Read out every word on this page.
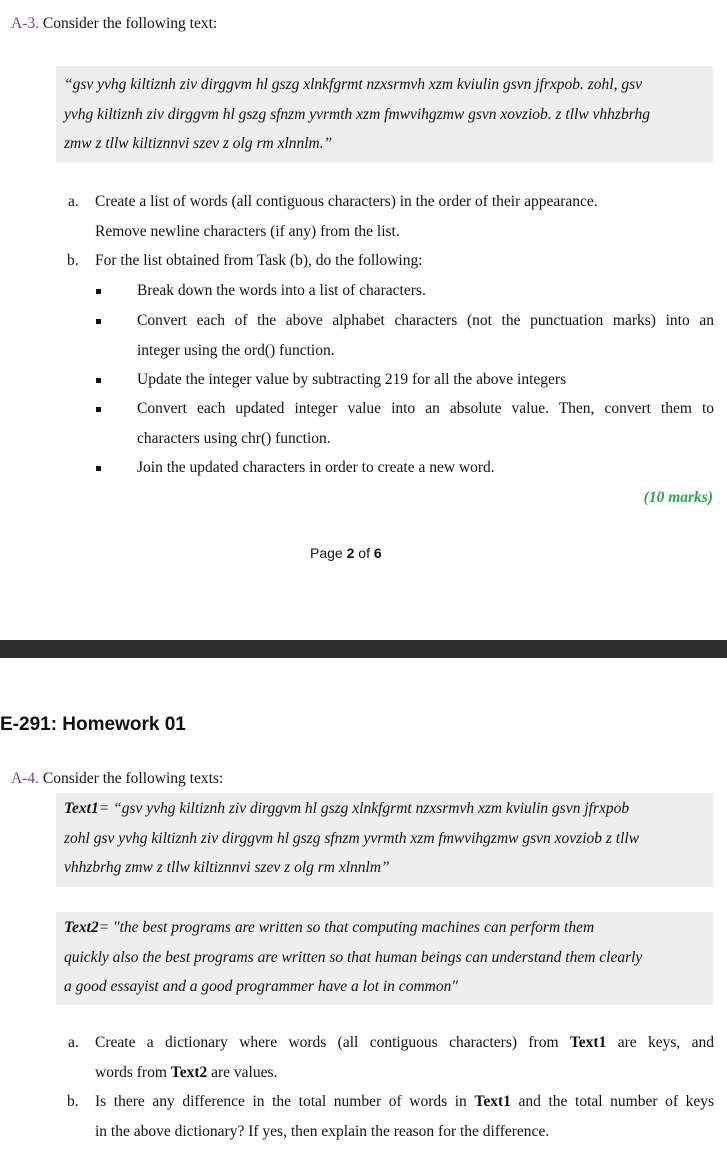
A-3. Consider the following text:
“gsv yvhg kiltiznh ziv dirggvm hl gszg xlnkfgrmt nzxsrmvh xzm kviulin gsvn jfrxpob. zohl, gsv
yvhg kiltiznh ziv dirggvm hl gszg sfnzm yvrmth xzm fmwvihgzmw gsvn xovziob. z tllw vhhzbrhg
zmw z tllw kiltiznnvi szev z olg rm xlnnlm.”
a. Create a list of words (all contiguous characters) in the order of their appearance.
Remove newline characters (if any) from the list.
b. For the list obtained from Task (b), do the following:
Break down the words into a list of characters.
Convert each of the above alphabet characters (not the punctuation marks) into an
integer using the ord() function.
Update the integer value by subtracting 219 for all the above integers
Convert each updated integer value into an absolute value. Then, convert them to
characters using chr() function.
Join the updated characters in order to create a new word.
(10 marks)
Page 2 of 6
E-291: Homework 01
A-4. Consider the following texts:
Text1= “gsv yvhg kiltiznh ziv dirggvm hl gszg xlnkfgrmt nzxsrmvh xzm kviulin gsvn jfrxpob
zohl gsv yvhg kiltiznh ziv dirggvm hl gszg sfnzm yvrmth xzm fmwvihgzmw gsvn xovziob z tllw
vhhzbrhg zmw z tllw kiltiznnvi szev z olg rm xlnnlm”
Text2= "the best programs are written so that computing machines can perform them
quickly also the best programs are written so that human beings can understand them clearly
a good essayist and a good programmer have a lot in common"
a. Create a dictionary where words (all contiguous characters) from Text1 are keys, and
words from Text2 are values.
b. Is there any difference in the total number of words in Text1 and the total number of keys
in the above dictionary? If yes, then explain the reason for the difference.
